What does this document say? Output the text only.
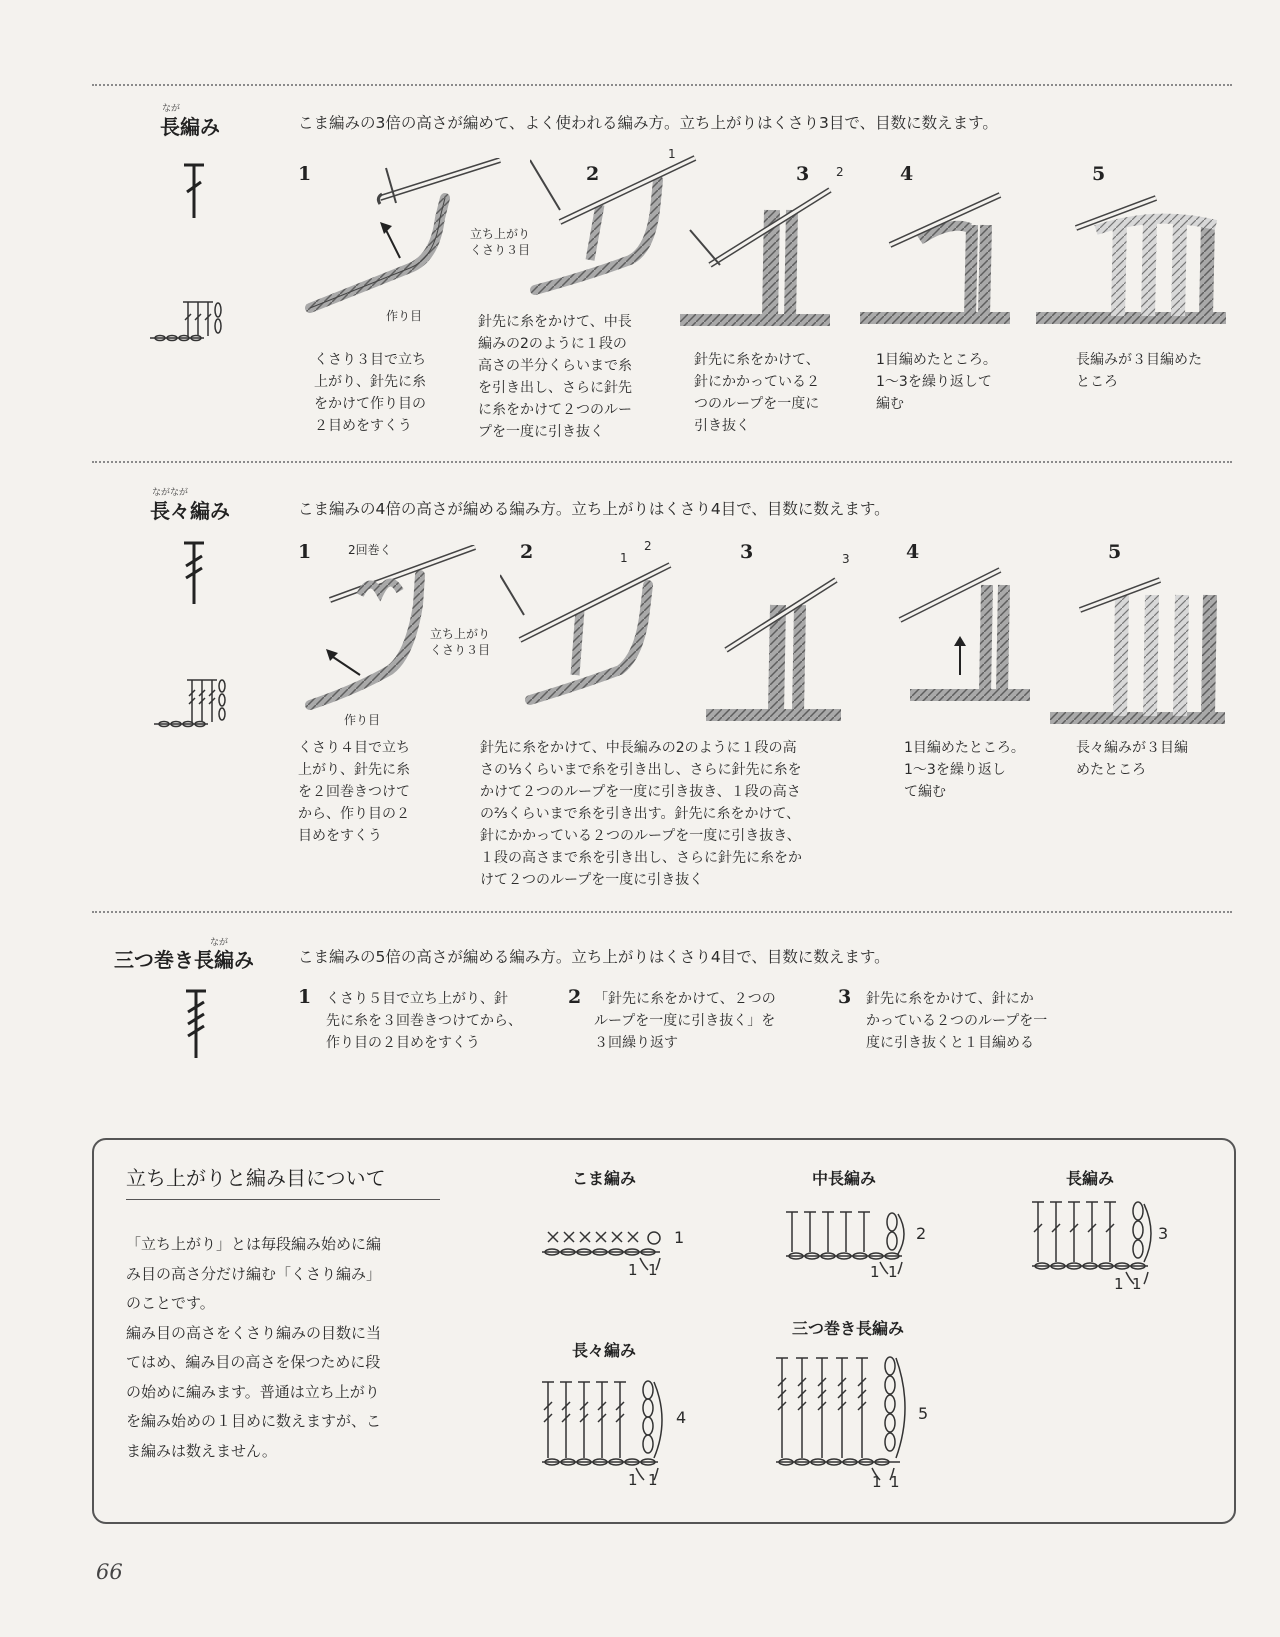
なが
長編み	こま編みの3倍の高さが編めて、よく使われる編み方。立ち上がりはくさり3目で、目数に数えます。
1	2	3	4	5
立ち上がり
くさり３目
作り目
1
2
くさり３目で立ち
上がり、針先に糸
をかけて作り目の
２目めをすくう
針先に糸をかけて、中長
編みの2のように１段の
高さの半分くらいまで糸
を引き出し、さらに針先
に糸をかけて２つのルー
プを一度に引き抜く
針先に糸をかけて、
針にかかっている２
つのループを一度に
引き抜く
1目編めたところ。
1～3を繰り返して
編む
長編みが３目編めた
ところ
ながなが
長々編み	こま編みの4倍の高さが編める編み方。立ち上がりはくさり4目で、目数に数えます。
1	2	3	4	5
2回巻く
立ち上がり
くさり３目
作り目
1
2
3
くさり４目で立ち
上がり、針先に糸
を２回巻きつけて
から、作り目の２
目めをすくう
針先に糸をかけて、中長編みの2のように１段の高
さの⅓くらいまで糸を引き出し、さらに針先に糸を
かけて２つのループを一度に引き抜き、１段の高さ
の⅔くらいまで糸を引き出す。針先に糸をかけて、
針にかかっている２つのループを一度に引き抜き、
１段の高さまで糸を引き出し、さらに針先に糸をか
けて２つのループを一度に引き抜く
1目編めたところ。
1～3を繰り返し
て編む
長々編みが３目編
めたところ
なが
三つ巻き長編み	こま編みの5倍の高さが編める編み方。立ち上がりはくさり4目で、目数に数えます。
1 くさり５目で立ち上がり、針
先に糸を３回巻きつけてから、
作り目の２目めをすくう
2 「針先に糸をかけて、２つの
ループを一度に引き抜く」を
３回繰り返す
3 針先に糸をかけて、針にか
かっている２つのループを一
度に引き抜くと１目編める
立ち上がりと編み目について
「立ち上がり」とは毎段編み始めに編
み目の高さ分だけ編む「くさり編み」
のことです。
編み目の高さをくさり編みの目数に当
てはめ、編み目の高さを保つために段
の始めに編みます。普通は立ち上がり
を編み始めの１目めに数えますが、こ
ま編みは数えません。
こま編み	中長編み	長編み
長々編み
三つ巻き長編み
1
1 1
2
1 1
3
1 1
4
1 1
5
1 1
66
